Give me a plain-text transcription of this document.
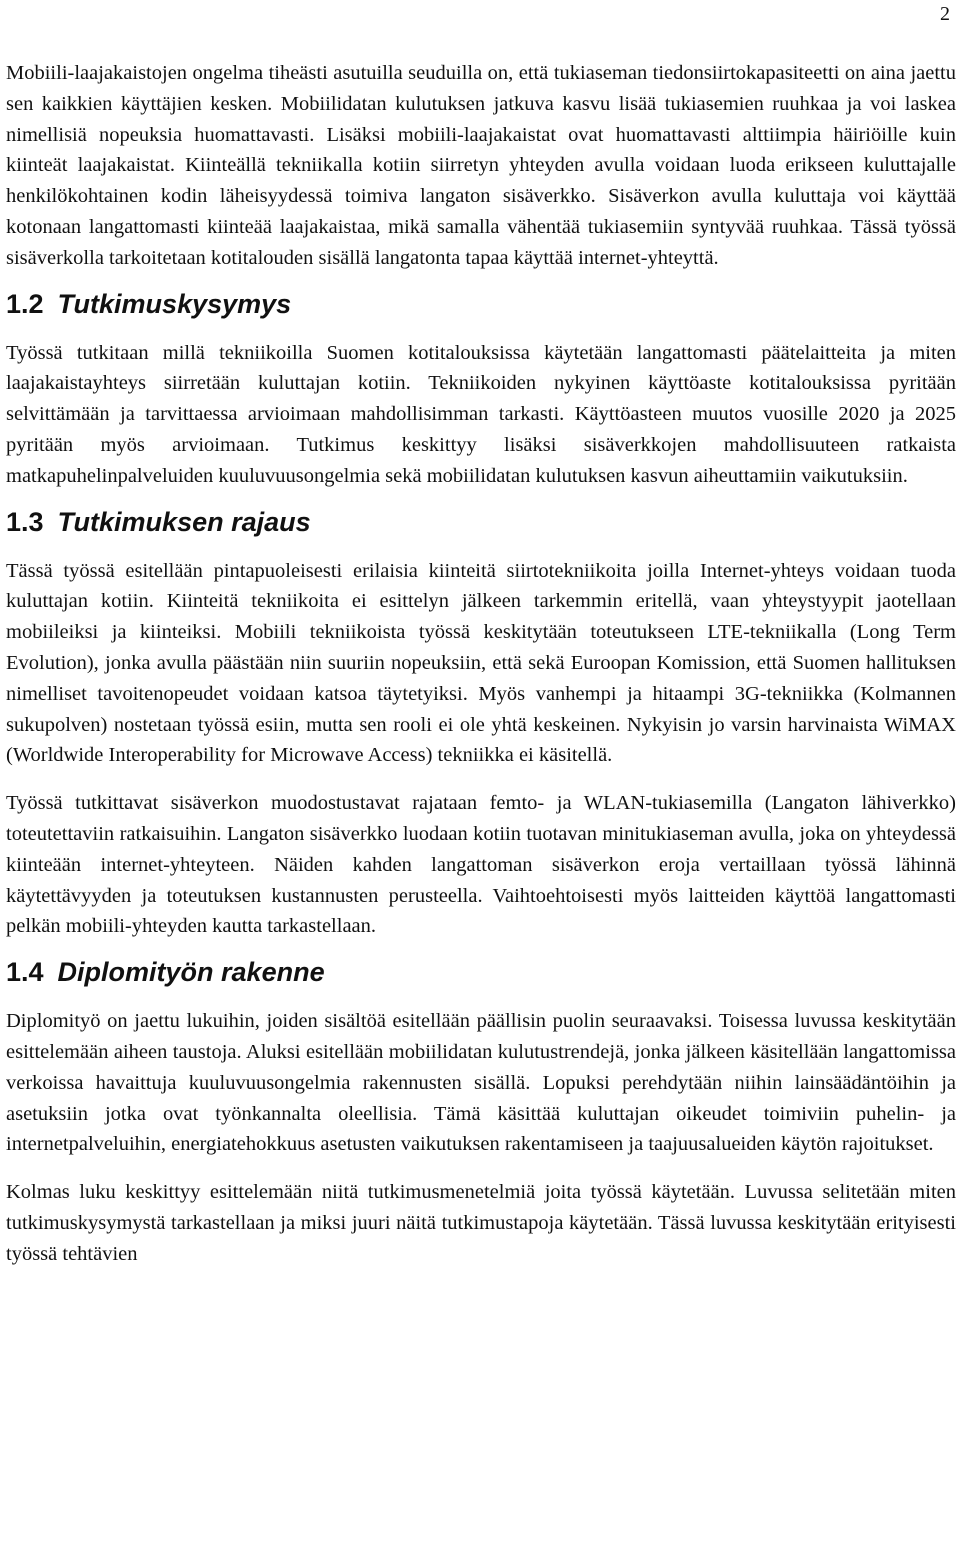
2

Mobiili-laajakaistojen ongelma tiheästi asutuilla seuduilla on, että tukiaseman tiedonsiirtokapasiteetti on aina jaettu sen kaikkien käyttäjien kesken. Mobiilidatan kulutuksen jatkuva kasvu lisää tukiasemien ruuhkaa ja voi laskea nimellisiä nopeuksia huomattavasti. Lisäksi mobiili-laajakaistat ovat huomattavasti alttiimpia häiriöille kuin kiinteät laajakaistat. Kiinteällä tekniikalla kotiin siirretyn yhteyden avulla voidaan luoda erikseen kuluttajalle henkilökohtainen kodin läheisyydessä toimiva langaton sisäverkko. Sisäverkon avulla kuluttaja voi käyttää kotonaan langattomasti kiinteää laajakaistaa, mikä samalla vähentää tukiasemiin syntyvää ruuhkaa. Tässä työssä sisäverkolla tarkoitetaan kotitalouden sisällä langatonta tapaa käyttää internet-yhteyttä.

1.2 Tutkimuskysymys

Työssä tutkitaan millä tekniikoilla Suomen kotitalouksissa käytetään langattomasti päätelaitteita ja miten laajakaistayhteys siirretään kuluttajan kotiin. Tekniikoiden nykyinen käyttöaste kotitalouksissa pyritään selvittämään ja tarvittaessa arvioimaan mahdollisimman tarkasti. Käyttöasteen muutos vuosille 2020 ja 2025 pyritään myös arvioimaan. Tutkimus keskittyy lisäksi sisäverkkojen mahdollisuuteen ratkaista matkapuhelinpalveluiden kuuluvuusongelmia sekä mobiilidatan kulutuksen kasvun aiheuttamiin vaikutuksiin.

1.3 Tutkimuksen rajaus

Tässä työssä esitellään pintapuoleisesti erilaisia kiinteitä siirtotekniikoita joilla Internet-yhteys voidaan tuoda kuluttajan kotiin. Kiinteitä tekniikoita ei esittelyn jälkeen tarkemmin eritellä, vaan yhteystyypit jaotellaan mobiileiksi ja kiinteiksi. Mobiili tekniikoista työssä keskitytään toteutukseen LTE-tekniikalla (Long Term Evolution), jonka avulla päästään niin suuriin nopeuksiin, että sekä Euroopan Komission, että Suomen hallituksen nimelliset tavoitenopeudet voidaan katsoa täytetyiksi. Myös vanhempi ja hitaampi 3G-tekniikka (Kolmannen sukupolven) nostetaan työssä esiin, mutta sen rooli ei ole yhtä keskeinen. Nykyisin jo varsin harvinaista WiMAX (Worldwide Interoperability for Microwave Access) tekniikka ei käsitellä.

Työssä tutkittavat sisäverkon muodostustavat rajataan femto- ja WLAN-tukiasemilla (Langaton lähiverkko) toteutettaviin ratkaisuihin. Langaton sisäverkko luodaan kotiin tuotavan minitukiaseman avulla, joka on yhteydessä kiinteään internet-yhteyteen. Näiden kahden langattoman sisäverkon eroja vertaillaan työssä lähinnä käytettävyyden ja toteutuksen kustannusten perusteella. Vaihtoehtoisesti myös laitteiden käyttöä langattomasti pelkän mobiili-yhteyden kautta tarkastellaan.

1.4 Diplomityön rakenne

Diplomityö on jaettu lukuihin, joiden sisältöä esitellään päällisin puolin seuraavaksi. Toisessa luvussa keskitytään esittelemään aiheen taustoja. Aluksi esitellään mobiilidatan kulutustrendejä, jonka jälkeen käsitellään langattomissa verkoissa havaittuja kuuluvuusongelmia rakennusten sisällä. Lopuksi perehdytään niihin lainsäädäntöihin ja asetuksiin jotka ovat työnkannalta oleellisia. Tämä käsittää kuluttajan oikeudet toimiviin puhelin- ja internetpalveluihin, energiatehokkuus asetusten vaikutuksen rakentamiseen ja taajuusalueiden käytön rajoitukset.

Kolmas luku keskittyy esittelemään niitä tutkimusmenetelmiä joita työssä käytetään. Luvussa selitetään miten tutkimuskysymystä tarkastellaan ja miksi juuri näitä tutkimustapoja käytetään. Tässä luvussa keskitytään erityisesti työssä tehtävien
